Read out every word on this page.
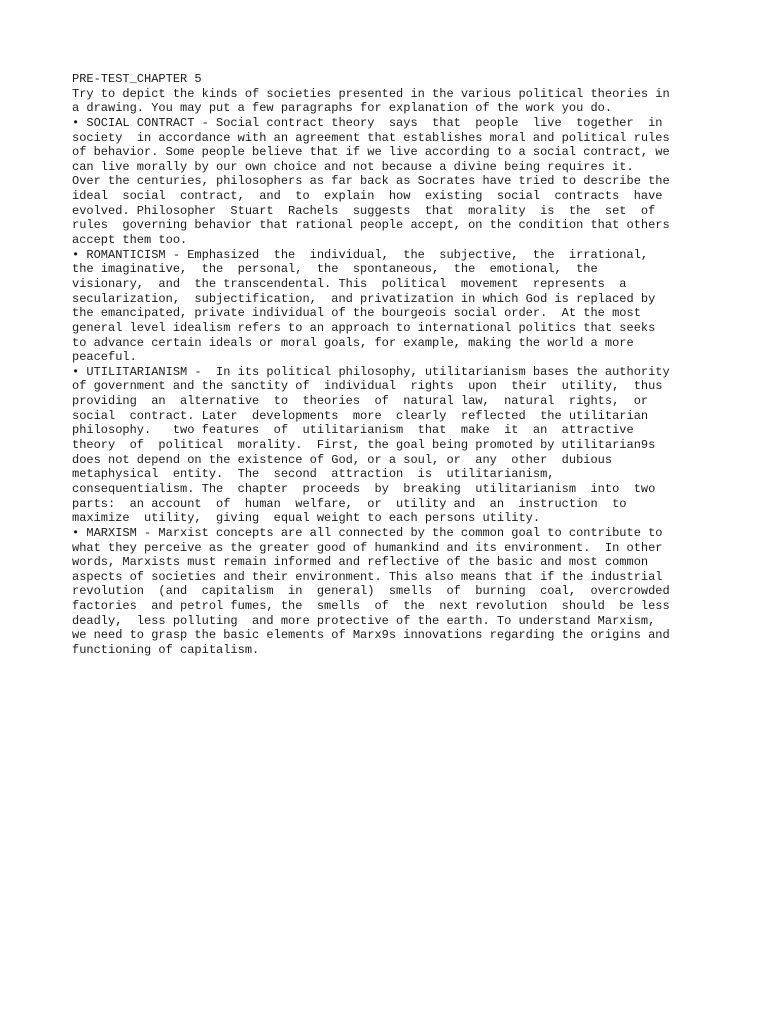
PRE-TEST_CHAPTER 5
Try to depict the kinds of societies presented in the various political theories in
a drawing. You may put a few paragraphs for explanation of the work you do.
• SOCIAL CONTRACT - Social contract theory  says  that  people  live  together  in
society  in accordance with an agreement that establishes moral and political rules
of behavior. Some people believe that if we live according to a social contract, we
can live morally by our own choice and not because a divine being requires it.
Over the centuries, philosophers as far back as Socrates have tried to describe the
ideal  social  contract,  and  to  explain  how  existing  social  contracts  have
evolved. Philosopher  Stuart  Rachels  suggests  that  morality  is  the  set  of
rules  governing behavior that rational people accept, on the condition that others
accept them too.
• ROMANTICISM - Emphasized  the  individual,  the  subjective,  the  irrational,
the imaginative,  the  personal,  the  spontaneous,  the  emotional,  the
visionary,  and  the transcendental. This  political  movement  represents  a
secularization,  subjectification,  and privatization in which God is replaced by
the emancipated, private individual of the bourgeois social order.  At the most
general level idealism refers to an approach to international politics that seeks
to advance certain ideals or moral goals, for example, making the world a more
peaceful.
• UTILITARIANISM -  In its political philosophy, utilitarianism bases the authority
of government and the sanctity of  individual  rights  upon  their  utility,  thus
providing  an  alternative  to  theories  of  natural law,  natural  rights,  or
social  contract. Later  developments  more  clearly  reflected  the utilitarian
philosophy.   two features  of  utilitarianism  that  make  it  an  attractive
theory  of  political  morality.  First, the goal being promoted by utilitarian9s
does not depend on the existence of God, or a soul, or  any  other  dubious
metaphysical  entity.  The  second  attraction  is  utilitarianism,
consequentialism. The  chapter  proceeds  by  breaking  utilitarianism  into  two
parts:  an account  of  human  welfare,  or  utility and  an  instruction  to
maximize  utility,  giving  equal weight to each persons utility.
• MARXISM - Marxist concepts are all connected by the common goal to contribute to
what they perceive as the greater good of humankind and its environment.  In other
words, Marxists must remain informed and reflective of the basic and most common
aspects of societies and their environment. This also means that if the industrial
revolution  (and  capitalism  in  general)  smells  of  burning  coal,  overcrowded
factories  and petrol fumes, the  smells  of  the  next revolution  should  be less
deadly,  less polluting  and more protective of the earth. To understand Marxism,
we need to grasp the basic elements of Marx9s innovations regarding the origins and
functioning of capitalism.
